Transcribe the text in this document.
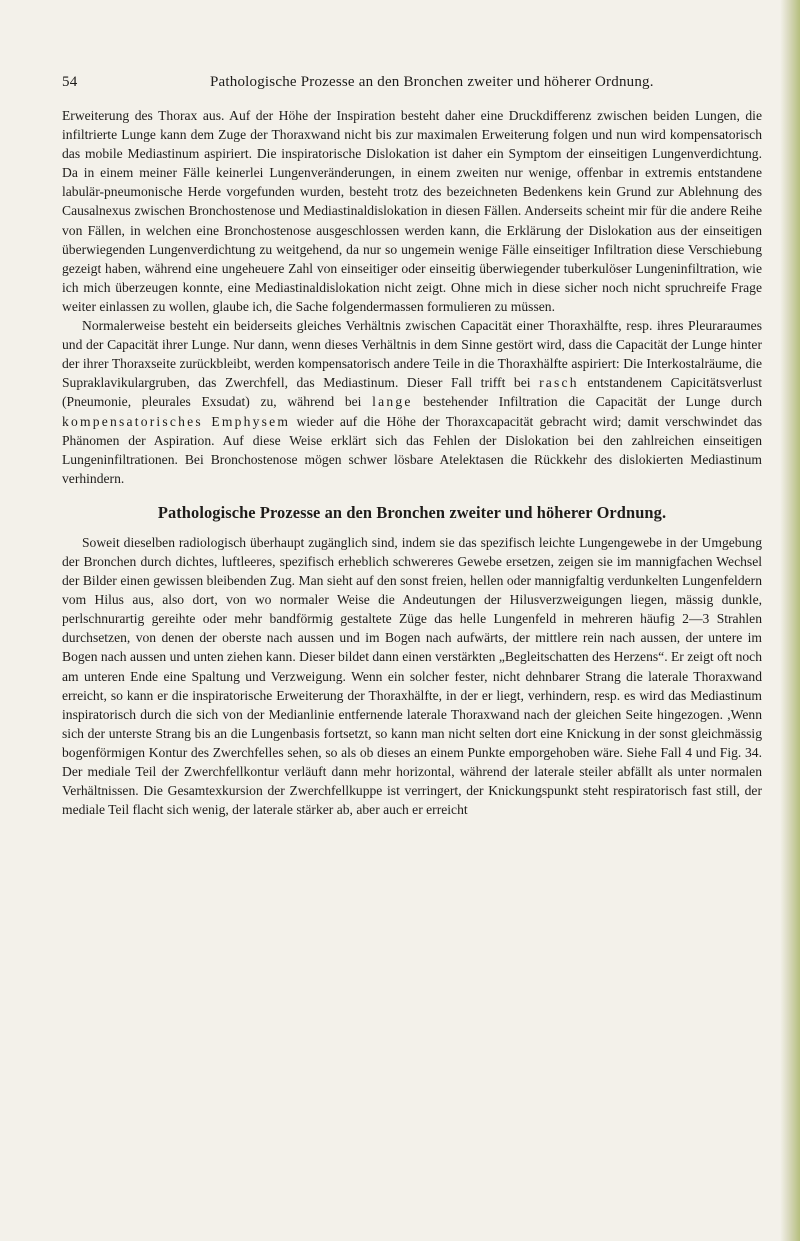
54	Pathologische Prozesse an den Bronchen zweiter und höherer Ordnung.

Erweiterung des Thorax aus. Auf der Höhe der Inspiration besteht daher eine Druckdifferenz zwischen beiden Lungen, die infiltrierte Lunge kann dem Zuge der Thoraxwand nicht bis zur maximalen Erweiterung folgen und nun wird kompensatorisch das mobile Mediastinum aspiriert. Die inspiratorische Dislokation ist daher ein Symptom der einseitigen Lungenverdichtung. Da in einem meiner Fälle keinerlei Lungenveränderungen, in einem zweiten nur wenige, offenbar in extremis entstandene labulär-pneumonische Herde vorgefunden wurden, besteht trotz des bezeichneten Bedenkens kein Grund zur Ablehnung des Causalnexus zwischen Bronchostenose und Mediastinaldislokation in diesen Fällen. Anderseits scheint mir für die andere Reihe von Fällen, in welchen eine Bronchostenose ausgeschlossen werden kann, die Erklärung der Dislokation aus der einseitigen überwiegenden Lungenverdichtung zu weitgehend, da nur so ungemein wenige Fälle einseitiger Infiltration diese Verschiebung gezeigt haben, während eine ungeheuere Zahl von einseitiger oder einseitig überwiegender tuberkulöser Lungeninfiltration, wie ich mich überzeugen konnte, eine Mediastinaldislokation nicht zeigt. Ohne mich in diese sicher noch nicht spruchreife Frage weiter einlassen zu wollen, glaube ich, die Sache folgendermassen formulieren zu müssen.

Normalerweise besteht ein beiderseits gleiches Verhältnis zwischen Capacität einer Thoraxhälfte, resp. ihres Pleuraraumes und der Capacität ihrer Lunge. Nur dann, wenn dieses Verhältnis in dem Sinne gestört wird, dass die Capacität der Lunge hinter der ihrer Thoraxseite zurückbleibt, werden kompensatorisch andere Teile in die Thoraxhälfte aspiriert: Die Interkostalräume, die Supraklavikulargruben, das Zwerchfell, das Mediastinum. Dieser Fall trifft bei rasch entstandenem Capicitätsverlust (Pneumonie, pleurales Exsudat) zu, während bei lange bestehender Infiltration die Capacität der Lunge durch kompensatorisches Emphysem wieder auf die Höhe der Thoraxcapacität gebracht wird; damit verschwindet das Phänomen der Aspiration. Auf diese Weise erklärt sich das Fehlen der Dislokation bei den zahlreichen einseitigen Lungeninfiltrationen. Bei Bronchostenose mögen schwer lösbare Atelektasen die Rückkehr des dislokierten Mediastinum verhindern.

Pathologische Prozesse an den Bronchen zweiter und höherer Ordnung.

Soweit dieselben radiologisch überhaupt zugänglich sind, indem sie das spezifisch leichte Lungengewebe in der Umgebung der Bronchen durch dichtes, luftleeres, spezifisch erheblich schwereres Gewebe ersetzen, zeigen sie im mannigfachen Wechsel der Bilder einen gewissen bleibenden Zug. Man sieht auf den sonst freien, hellen oder mannigfaltig verdunkelten Lungenfeldern vom Hilus aus, also dort, von wo normaler Weise die Andeutungen der Hilusverzweigungen liegen, mässig dunkle, perlschnurartig gereihte oder mehr bandförmig gestaltete Züge das helle Lungenfeld in mehreren häufig 2—3 Strahlen durchsetzen, von denen der oberste nach aussen und im Bogen nach aufwärts, der mittlere rein nach aussen, der untere im Bogen nach aussen und unten ziehen kann. Dieser bildet dann einen verstärkten „Begleitschatten des Herzens“. Er zeigt oft noch am unteren Ende eine Spaltung und Verzweigung. Wenn ein solcher fester, nicht dehnbarer Strang die laterale Thoraxwand erreicht, so kann er die inspiratorische Erweiterung der Thoraxhälfte, in der er liegt, verhindern, resp. es wird das Mediastinum inspiratorisch durch die sich von der Medianlinie entfernende laterale Thoraxwand nach der gleichen Seite hingezogen. ,Wenn sich der unterste Strang bis an die Lungenbasis fortsetzt, so kann man nicht selten dort eine Knickung in der sonst gleichmässig bogenförmigen Kontur des Zwerchfelles sehen, so als ob dieses an einem Punkte emporgehoben wäre. Siehe Fall 4 und Fig. 34. Der mediale Teil der Zwerchfellkontur verläuft dann mehr horizontal, während der laterale steiler abfällt als unter normalen Verhältnissen. Die Gesamtexkursion der Zwerchfellkuppe ist verringert, der Knickungspunkt steht respiratorisch fast still, der mediale Teil flacht sich wenig, der laterale stärker ab, aber auch er erreicht
